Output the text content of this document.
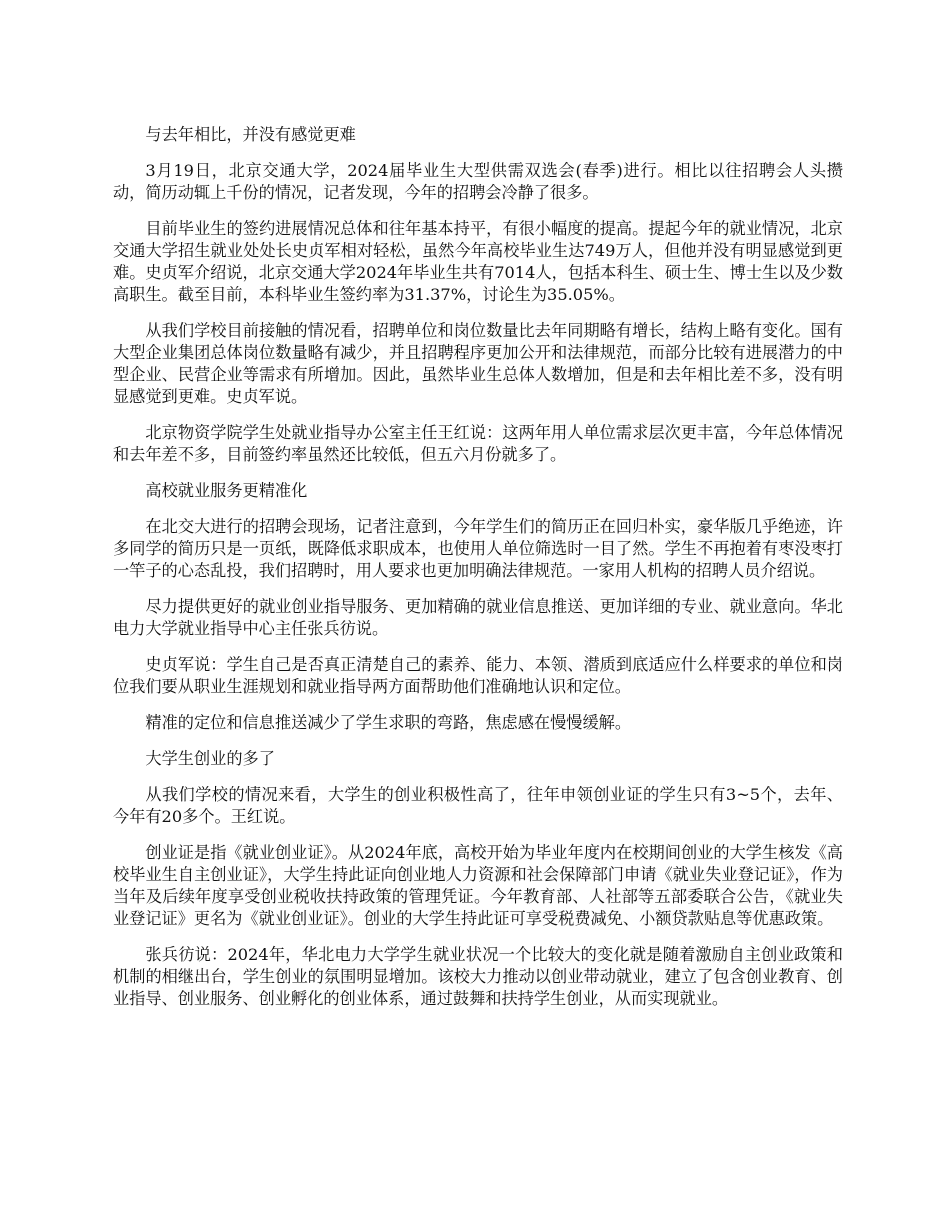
与去年相比，并没有感觉更难

3月19日，北京交通大学，2024届毕业生大型供需双选会(春季)进行。相比以往招聘会人头攒动，简历动辄上千份的情况，记者发现，今年的招聘会冷静了很多。

目前毕业生的签约进展情况总体和往年基本持平，有很小幅度的提高。提起今年的就业情况，北京交通大学招生就业处处长史贞军相对轻松，虽然今年高校毕业生达749万人，但他并没有明显感觉到更难。史贞军介绍说，北京交通大学2024年毕业生共有7014人，包括本科生、硕士生、博士生以及少数高职生。截至目前，本科毕业生签约率为31.37%，讨论生为35.05%。

从我们学校目前接触的情况看，招聘单位和岗位数量比去年同期略有增长，结构上略有变化。国有大型企业集团总体岗位数量略有减少，并且招聘程序更加公开和法律规范，而部分比较有进展潜力的中型企业、民营企业等需求有所增加。因此，虽然毕业生总体人数增加，但是和去年相比差不多，没有明显感觉到更难。史贞军说。

北京物资学院学生处就业指导办公室主任王红说：这两年用人单位需求层次更丰富，今年总体情况和去年差不多，目前签约率虽然还比较低，但五六月份就多了。

高校就业服务更精准化

在北交大进行的招聘会现场，记者注意到，今年学生们的简历正在回归朴实，豪华版几乎绝迹，许多同学的简历只是一页纸，既降低求职成本，也使用人单位筛选时一目了然。学生不再抱着有枣没枣打一竿子的心态乱投，我们招聘时，用人要求也更加明确法律规范。一家用人机构的招聘人员介绍说。

尽力提供更好的就业创业指导服务、更加精确的就业信息推送、更加详细的专业、就业意向。华北电力大学就业指导中心主任张兵彷说。

史贞军说：学生自己是否真正清楚自己的素养、能力、本领、潜质到底适应什么样要求的单位和岗位我们要从职业生涯规划和就业指导两方面帮助他们准确地认识和定位。

精准的定位和信息推送减少了学生求职的弯路，焦虑感在慢慢缓解。

大学生创业的多了

从我们学校的情况来看，大学生的创业积极性高了，往年申领创业证的学生只有3~5个，去年、今年有20多个。王红说。

创业证是指《就业创业证》。从2024年底，高校开始为毕业年度内在校期间创业的大学生核发《高校毕业生自主创业证》，大学生持此证向创业地人力资源和社会保障部门申请《就业失业登记证》，作为当年及后续年度享受创业税收扶持政策的管理凭证。今年教育部、人社部等五部委联合公告，《就业失业登记证》更名为《就业创业证》。创业的大学生持此证可享受税费减免、小额贷款贴息等优惠政策。

张兵彷说：2024年，华北电力大学学生就业状况一个比较大的变化就是随着激励自主创业政策和机制的相继出台，学生创业的氛围明显增加。该校大力推动以创业带动就业，建立了包含创业教育、创业指导、创业服务、创业孵化的创业体系，通过鼓舞和扶持学生创业，从而实现就业。
